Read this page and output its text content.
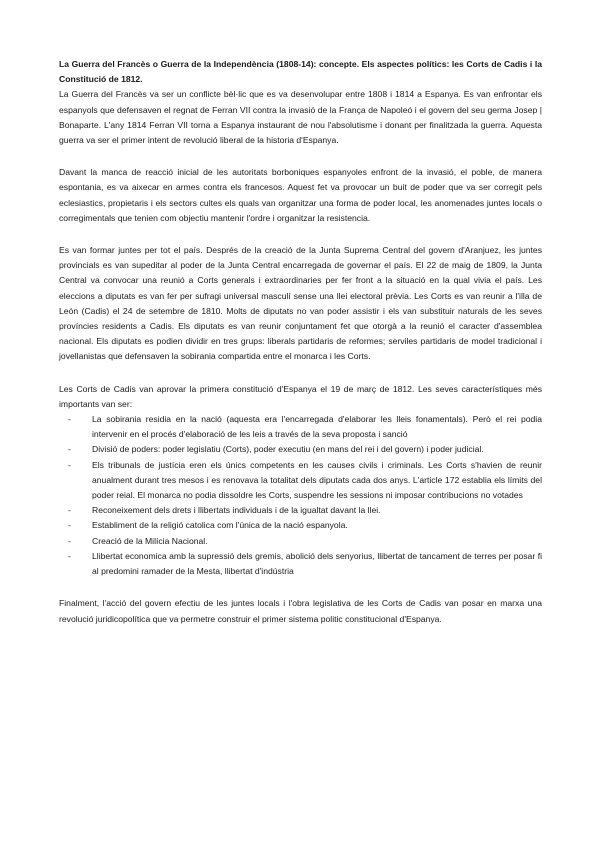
La Guerra del Francès o Guerra de la Independència (1808-14): concepte. Els aspectes polítics: les Corts de Cadis i la Constitució de 1812.

La Guerra del Francès va ser un conflicte bèl·lic que es va desenvolupar entre 1808 i 1814 a Espanya. Es van enfrontar els espanyols que defensaven el regnat de Ferran VII contra la invasió de la França de Napoleó i el govern del seu germa Josep | Bonaparte. L'any 1814 Ferran VII torna a Espanya instaurant de nou l'absolutisme i donant per finalitzada la guerra. Aquesta guerra va ser el primer intent de revolució liberal de la historia d'Espanya.

Davant la manca de reacció inicial de les autoritats borboniques espanyoles enfront de la invasió, el poble, de manera espontania, es va aixecar en armes contra els francesos. Aquest fet va provocar un buit de poder que va ser corregit pels eclesiastics, propietaris i els sectors cultes els quals van organitzar una forma de poder local, les anomenades juntes locals o corregimentals que tenien com objectiu mantenir l'ordre i organitzar la resistencia.

Es van formar juntes per tot el país. Després de la creació de la Junta Suprema Central del govern d'Aranjuez, les juntes provincials es van supeditar al poder de la Junta Central encarregada de governar el país. El 22 de maig de 1809, la Junta Central va convocar una reunió a Corts generals i extraordinaries per fer front a la situació en la qual vivia el país. Les eleccions a diputats es van fer per sufragi universal masculí sense una llei electoral prèvia. Les Corts es van reunir a l'illa de León (Cadis) el 24 de setembre de 1810. Molts de diputats no van poder assistir i els van substituir naturals de les seves províncies residents a Cadis. Els diputats es van reunir conjuntament fet que otorgà a la reunió el caracter d'assemblea nacional. Els diputats es podien dividir en tres grups: liberals partidaris de reformes; serviles partidaris de model tradicional i jovellanistas que defensaven la sobirania compartida entre el monarca i les Corts.

Les Corts de Cadis van aprovar la primera constitució d'Espanya el 19 de març de 1812. Les seves característiques més importants van ser:

- La sobirania residia en la nació (aquesta era l'encarregada d'elaborar les lleis fonamentals). Però el rei podia intervenir en el procés d'elaboració de les leis a través de la seva proposta i sanció
- Divisió de poders: poder legislatiu (Corts), poder executiu (en mans del rei i del govern) i poder judicial.
- Els tribunals de justícia eren els únics competents en les causes civils i criminals. Les Corts s'havien de reunir anualment durant tres mesos i es renovava la totalitat dels diputats cada dos anys. L'article 172 establia els límits del poder reial. El monarca no podia dissoldre les Corts, suspendre les sessions ni imposar contribucions no votades
- Reconeixement dels drets i llibertats individuals i de la igualtat davant la llei.
- Establiment de la religió catolica com l'única de la nació espanyola.
- Creació de la Milícia Nacional.
- Llibertat economica amb la supressió dels gremis, abolició dels senyorius, llibertat de tancament de terres per posar fi al predomini ramader de la Mesta, llibertat d'indústria

Finalment, l'acció del govern efectiu de les juntes locals i l'obra legislativa de les Corts de Cadis van posar en marxa una revolució juridicopolítica que va permetre construir el primer sistema politic constitucional d'Espanya.
